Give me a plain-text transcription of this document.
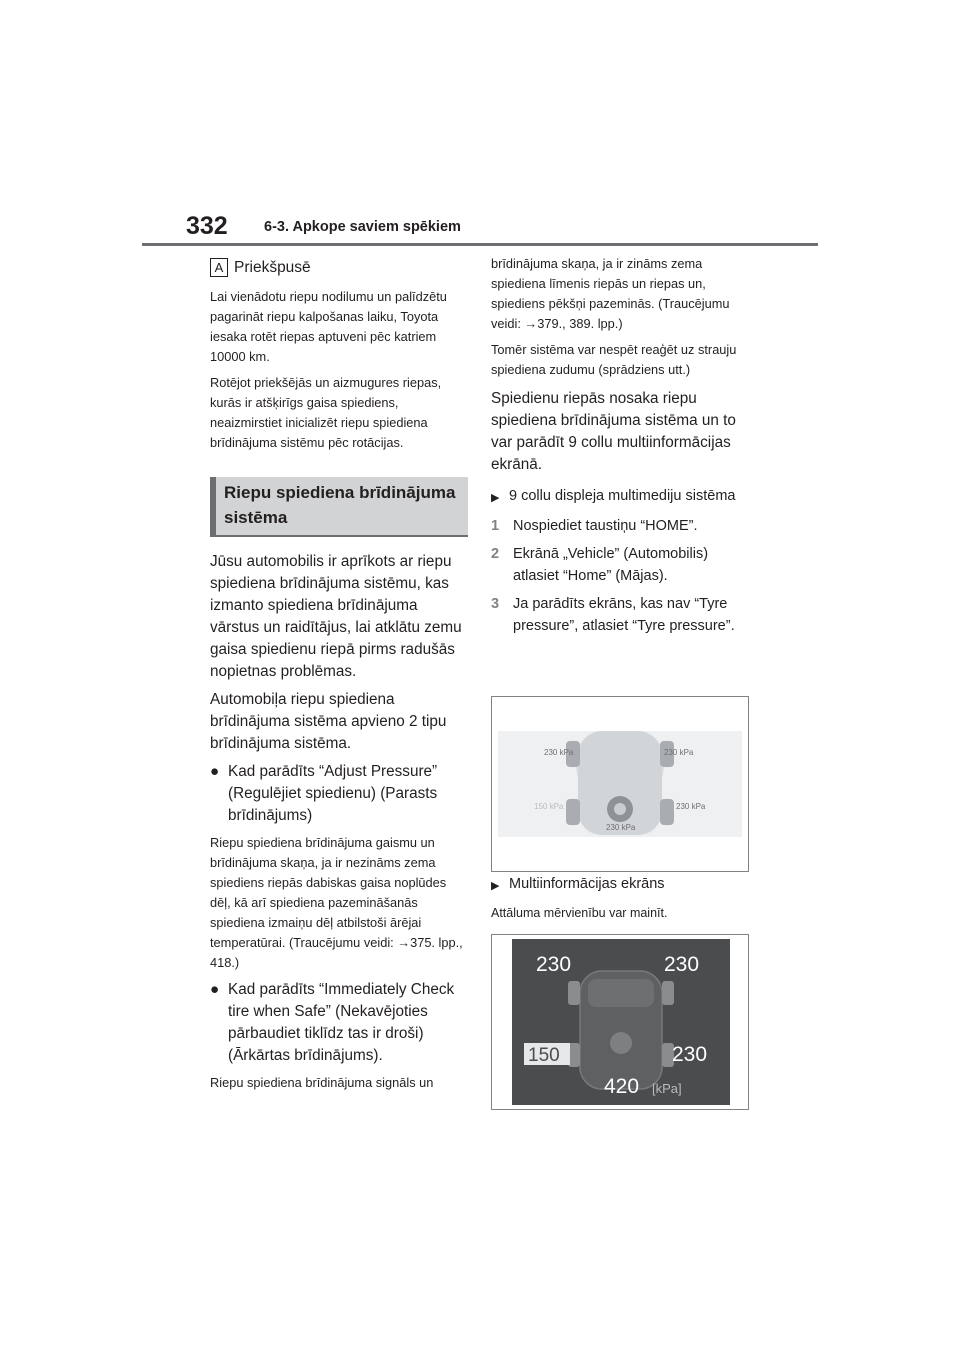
332	6-3. Apkope saviem spēkiem
A Priekšpusē

Lai vienādotu riepu nodilumu un palīdzētu pagarināt riepu kalpošanas laiku, Toyota iesaka rotēt riepas aptuveni pēc katriem 10000 km.

Rotējot priekšējās un aizmugures riepas, kurās ir atšķirīgs gaisa spiediens, neaizmirstiet inicializēt riepu spiediena brīdinājuma sistēmu pēc rotācijas.

Riepu spiediena brīdinājuma sistēma

Jūsu automobilis ir aprīkots ar riepu spiediena brīdinājuma sistēmu, kas izmanto spiediena brīdinājuma vārstus un raidītājus, lai atklātu zemu gaisa spiedienu riepā pirms radušās nopietnas problēmas.

Automobiļa riepu spiediena brīdinājuma sistēma apvieno 2 tipu brīdinājuma sistēma.

● Kad parādīts “Adjust Pressure” (Regulējiet spiedienu) (Parasts brīdinājums)

Riepu spiediena brīdinājuma gaismu un brīdinājuma skaņa, ja ir nezināms zema spiediens riepās dabiskas gaisa noplūdes dēļ, kā arī spiediena pazemināšanās spiediena izmaiņu dēļ atbilstoši ārējai temperatūrai. (Traucējumu veidi: →375. lpp., 418.)

● Kad parādīts “Immediately Check tire when Safe” (Nekavējoties pārbaudiet tiklīdz tas ir droši) (Ārkārtas brīdinājums).

Riepu spiediena brīdinājuma signāls un

brīdinājuma skaņa, ja ir zināms zema spiediena līmenis riepās un riepas un, spiediens pēkšņi pazeminās. (Traucējumu veidi: →379., 389. lpp.)

Tomēr sistēma var nespēt reaģēt uz strauju spiediena zudumu (sprādziens utt.)

Spiedienu riepās nosaka riepu spiediena brīdinājuma sistēma un to var parādīt 9 collu multiinformācijas ekrānā.

▶ 9 collu displeja multimediju sistēma
1 Nospiediet taustiņu “HOME”.
2 Ekrānā „Vehicle” (Automobilis) atlasiet “Home” (Mājas).
3 Ja parādīts ekrāns, kas nav “Tyre pressure”, atlasiet “Tyre pressure”.
230 kPa	230 kPa
150 kPa	230 kPa
230 kPa
▶ Multiinformācijas ekrāns

Attāluma mērvienību var mainīt.

230	230
150	230
420 [kPa]
